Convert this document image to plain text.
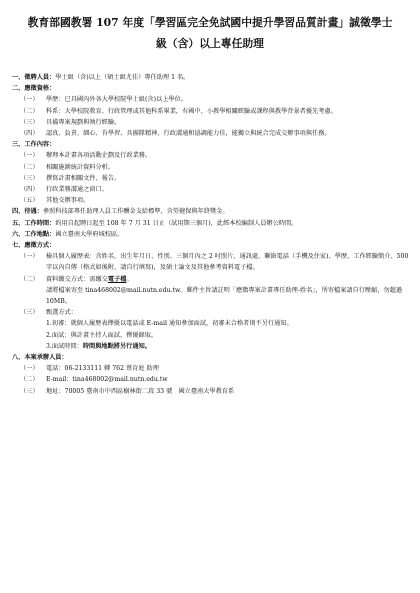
教育部國教署 107 年度「學習區完全免試國中提升學習品質計畫」誠徵學士
級（含）以上專任助理
一、徵聘人員： 學士級（含)以上（碩士級尤佳）專任助理 1 名。
二、應徵資格：
（一）	學歷：已具國內外各大學校院學士級(含)以上學位。
（二）	科系：大學校院教育、行政管理或其他科系畢業，有國中、小教學相關經驗或課程與教學背景者優先考慮。
（三）	具備專案規劃與執行經驗。
（四）	認真、負責、細心、肯學習、具團隊精神，行政溝通和協調能力佳，能獨立與統合完成交辦事項與任務。
三、工作內容：
（一）	辦理本計畫各項活動企劃及行政業務。
（二）	相關施測統計資料分析。
（三）	撰寫計畫相關文件、報告。
（四）	行政業務溝通之窗口。
（五）	其他交辦事項。
四、待遇： 參照科技部專任助理人員工作酬金支給標準，含勞健保與年終獎金。
五、工作時間： 約用自起聘日起至 108 年 7 月 31 日止（試用期三個月)，此經本校編制人員辦公時間。
六、工作地點： 國立臺南大學府城校區。
七、應徵方式：
（一）	檢具個人履歷表：含姓名、出生年月日、性別、三個月內之 2 吋照片、通訊處、聯絡電話（手機及住家)、學歷、工作經驗簡介、500 字以內自傳（格式如後附，請自行填寫)，及碩士論文及其他參考資料電子檔。
（二）	資料繳交方式：需繳交電子檔。
請將檔案寄至 tina468002@mail.nutn.edu.tw。郵件主旨請註明「應徵專案計畫專任助理-姓名」，所寄檔案請自行壓縮，勿超過 10MB。
（三）	甄選方式：
1.初審：就個人履歷表擇優以電話或 E-mail 通知參加面試，初審未合格者則不另行通知。
2.面試：與計畫主持人面試，擇優錄取。
3.面試時間：時間與地點將另行通知。
八、本案承辦人員：
（一）	電話：06-2133111 轉 762 蔡育庭 助理
（二）	E-mail：tina468002@mail.nutn.edu.tw
（三）	地址：70005 臺南市中西區樹林街二段 33 號　國立臺南大學教育系
